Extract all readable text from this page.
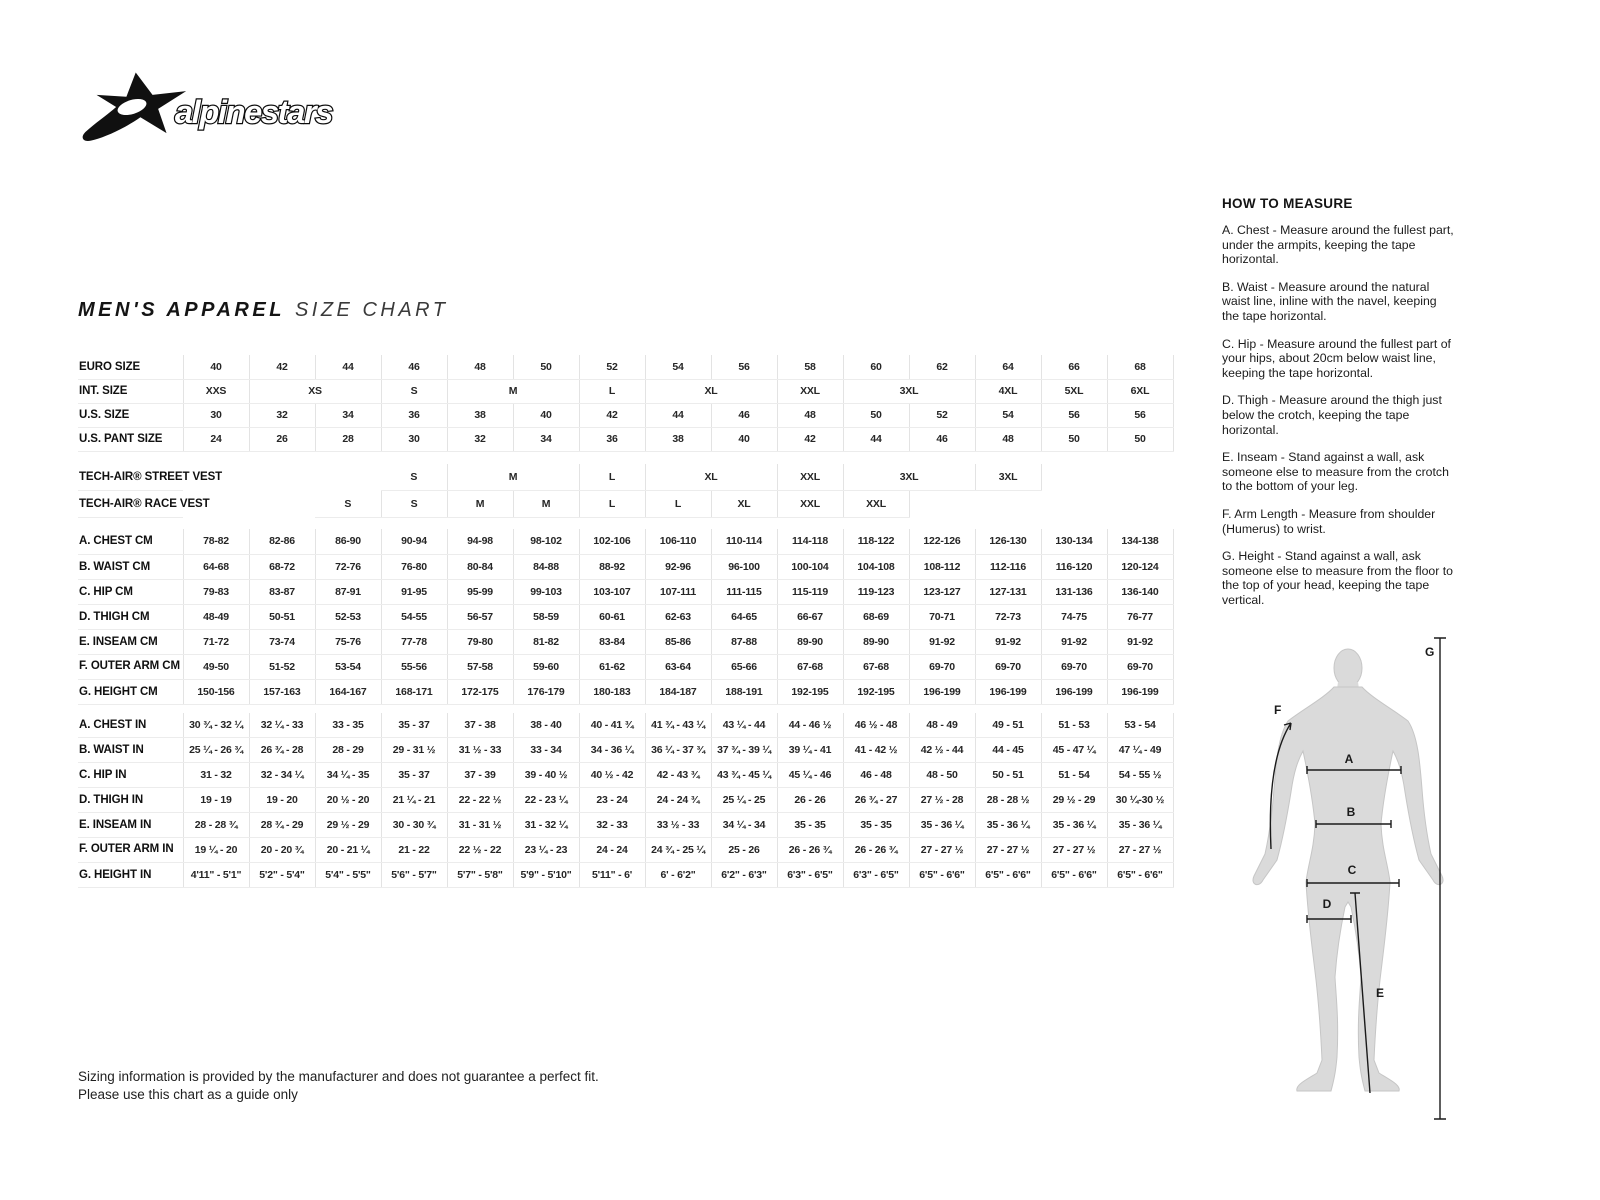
alpinestars
MEN'S APPAREL SIZE CHART
EURO SIZE	40	42	44	46	48	50	52	54	56	58	60	62	64	66	68
INT. SIZE	XXS	XS		S	M		L	XL		XXL	3XL		4XL	5XL	6XL
U.S. SIZE	30	32	34	36	38	40	42	44	46	48	50	52	54	56	56
U.S. PANT SIZE	24	26	28	30	32	34	36	38	40	42	44	46	48	50	50
TECH-AIR® STREET VEST				S	M		L	XL		XXL	3XL		3XL		
TECH-AIR® RACE VEST			S	S	M	M	L	L	XL	XXL	XXL				
A. CHEST CM	78-82	82-86	86-90	90-94	94-98	98-102	102-106	106-110	110-114	114-118	118-122	122-126	126-130	130-134	134-138
B. WAIST CM	64-68	68-72	72-76	76-80	80-84	84-88	88-92	92-96	96-100	100-104	104-108	108-112	112-116	116-120	120-124
C. HIP CM	79-83	83-87	87-91	91-95	95-99	99-103	103-107	107-111	111-115	115-119	119-123	123-127	127-131	131-136	136-140
D. THIGH CM	48-49	50-51	52-53	54-55	56-57	58-59	60-61	62-63	64-65	66-67	68-69	70-71	72-73	74-75	76-77
E. INSEAM CM	71-72	73-74	75-76	77-78	79-80	81-82	83-84	85-86	87-88	89-90	89-90	91-92	91-92	91-92	91-92
F. OUTER ARM CM	49-50	51-52	53-54	55-56	57-58	59-60	61-62	63-64	65-66	67-68	67-68	69-70	69-70	69-70	69-70
G. HEIGHT CM	150-156	157-163	164-167	168-171	172-175	176-179	180-183	184-187	188-191	192-195	192-195	196-199	196-199	196-199	196-199
A. CHEST IN	30 ¾ - 32 ¼	32 ¼ - 33	33 - 35	35 - 37	37 - 38	38 - 40	40 - 41 ¾	41 ¾ - 43 ¼	43 ¼ - 44	44 - 46 ½	46 ½ - 48	48 - 49	49 - 51	51 - 53	53 - 54
B. WAIST IN	25 ¼ - 26 ¾	26 ¾ - 28	28 - 29	29 - 31 ½	31 ½ - 33	33 - 34	34 - 36 ¼	36 ¼ - 37 ¾	37 ¾ - 39 ¼	39 ¼ - 41	41 - 42 ½	42 ½ - 44	44 - 45	45 - 47 ¼	47 ¼ - 49
C. HIP IN	31 - 32	32 - 34 ¼	34 ¼ - 35	35 - 37	37 - 39	39 - 40 ½	40 ½ - 42	42 - 43 ¾	43 ¾ - 45 ¼	45 ¼ - 46	46 - 48	48 - 50	50 - 51	51 - 54	54 - 55 ½
D. THIGH IN	19 - 19	19 - 20	20 ½ - 20	21 ¼ - 21	22 - 22 ½	22 - 23 ¼	23 - 24	24 - 24 ¾	25 ¼ - 25	26 - 26	26 ¾ - 27	27 ½ - 28	28 - 28 ½	29 ½ - 29	30 ¼-30 ½
E. INSEAM IN	28 - 28 ¾	28 ¾ - 29	29 ½ - 29	30 - 30 ¾	31 - 31 ½	31 - 32 ¼	32 - 33	33 ½ - 33	34 ¼ - 34	35 - 35	35 - 35	35 - 36 ¼	35 - 36 ¼	35 - 36 ¼	35 - 36 ¼
F. OUTER ARM IN	19 ¼ - 20	20 - 20 ¾	20 - 21 ¼	21 - 22	22 ½ - 22	23 ¼ - 23	24 - 24	24 ¾ - 25 ¼	25 - 26	26 - 26 ¾	26 - 26 ¾	27 - 27 ½	27 - 27 ½	27 - 27 ½	27 - 27 ½
G. HEIGHT IN	4'11" - 5'1"	5'2" - 5'4"	5'4" - 5'5"	5'6" - 5'7"	5'7" - 5'8"	5'9" - 5'10"	5'11" - 6'	6' - 6'2"	6'2" - 6'3"	6'3" - 6'5"	6'3" - 6'5"	6'5" - 6'6"	6'5" - 6'6"	6'5" - 6'6"	6'5" - 6'6"
HOW TO MEASURE

A. Chest - Measure around the fullest part, under the armpits, keeping the tape horizontal.

B. Waist - Measure around the natural waist line, inline with the navel, keeping the tape horizontal.

C. Hip - Measure around the fullest part of your hips, about 20cm below waist line, keeping the tape horizontal.

D. Thigh - Measure around the thigh just below the crotch, keeping the tape horizontal.

E. Inseam - Stand against a wall, ask someone else to measure from the crotch to the bottom of your leg.

F. Arm Length - Measure from shoulder (Humerus) to wrist.

G. Height - Stand against a wall, ask someone else to measure from the floor to the top of your head, keeping the tape vertical.

A
B
C
D
E
F
G
Sizing information is provided by the manufacturer and does not guarantee a perfect fit.
Please use this chart as a guide only
